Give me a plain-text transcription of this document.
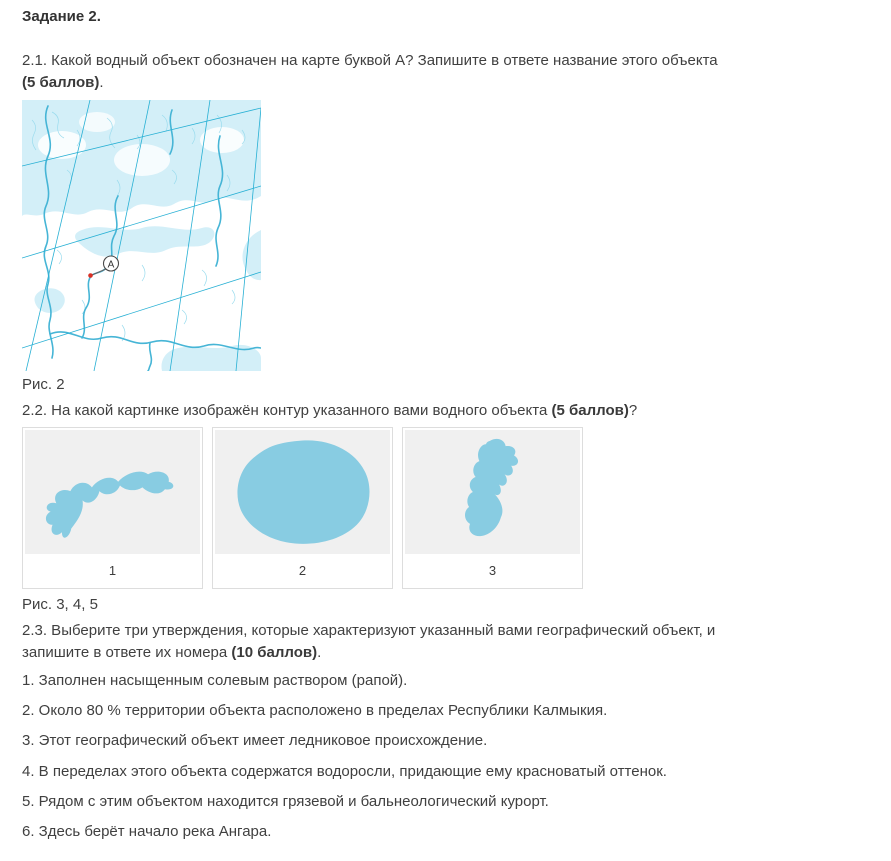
Задание 2.

2.1. Какой водный объект обозначен на карте буквой А? Запишите в ответе название этого объекта (5 баллов).

А

Рис. 2

2.2. На какой картинке изображён контур указанного вами водного объекта (5 баллов)?

1	2	3

Рис. 3, 4, 5

2.3. Выберите три утверждения, которые характеризуют указанный вами географический объект, и запишите в ответе их номера (10 баллов).

1. Заполнен насыщенным солевым раствором (рапой).

2. Около 80 % территории объекта расположено в пределах Республики Калмыкия.

3. Этот географический объект имеет ледниковое происхождение.

4. В переделах этого объекта содержатся водоросли, придающие ему красноватый оттенок.

5. Рядом с этим объектом находится грязевой и бальнеологический курорт.

6. Здесь берёт начало река Ангара.
